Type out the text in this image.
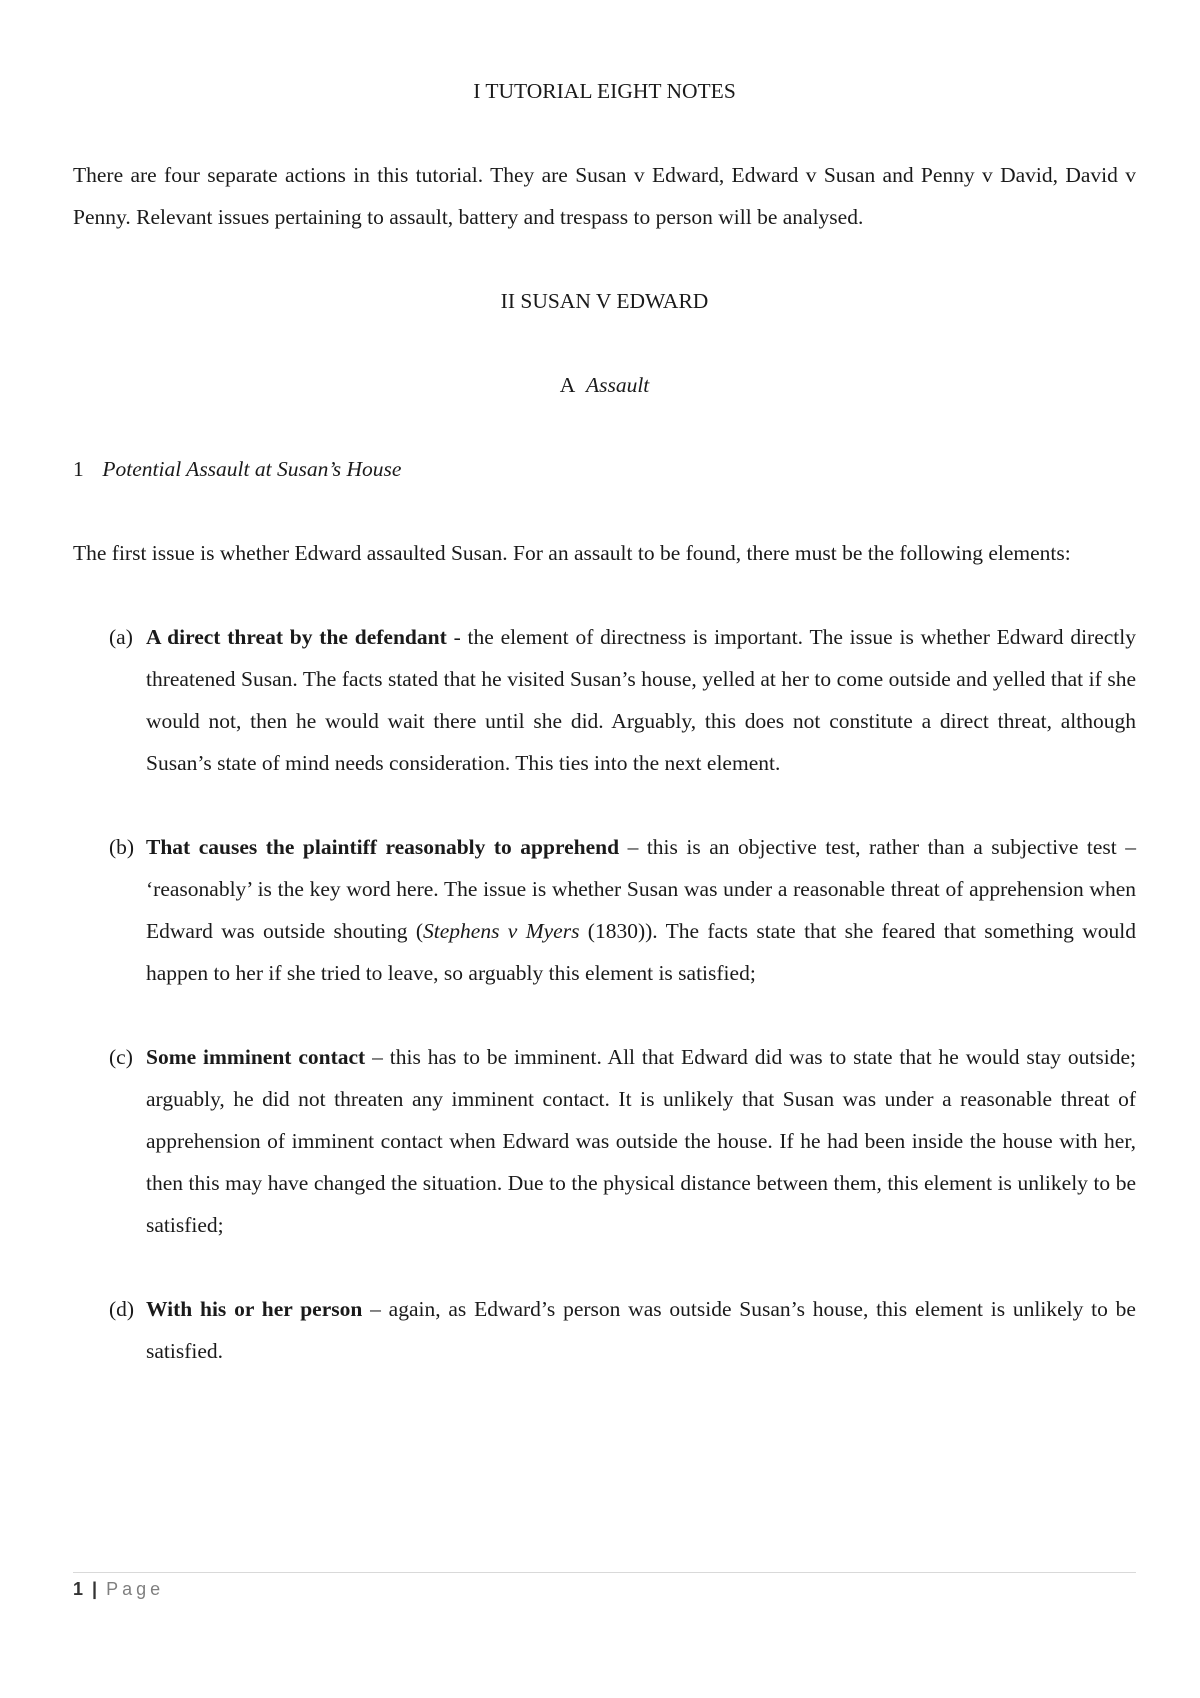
I TUTORIAL EIGHT NOTES

There are four separate actions in this tutorial. They are Susan v Edward, Edward v Susan and Penny v David, David v Penny. Relevant issues pertaining to assault, battery and trespass to person will be analysed.

II SUSAN V EDWARD

A Assault

1 Potential Assault at Susan’s House

The first issue is whether Edward assaulted Susan. For an assault to be found, there must be the following elements:

(a) A direct threat by the defendant - the element of directness is important. The issue is whether Edward directly threatened Susan. The facts stated that he visited Susan’s house, yelled at her to come outside and yelled that if she would not, then he would wait there until she did. Arguably, this does not constitute a direct threat, although Susan’s state of mind needs consideration. This ties into the next element.
(b) That causes the plaintiff reasonably to apprehend – this is an objective test, rather than a subjective test – ‘reasonably’ is the key word here. The issue is whether Susan was under a reasonable threat of apprehension when Edward was outside shouting (Stephens v Myers (1830)). The facts state that she feared that something would happen to her if she tried to leave, so arguably this element is satisfied;
(c) Some imminent contact – this has to be imminent. All that Edward did was to state that he would stay outside; arguably, he did not threaten any imminent contact. It is unlikely that Susan was under a reasonable threat of apprehension of imminent contact when Edward was outside the house. If he had been inside the house with her, then this may have changed the situation. Due to the physical distance between them, this element is unlikely to be satisfied;
(d) With his or her person – again, as Edward’s person was outside Susan’s house, this element is unlikely to be satisfied.
1 | Page
